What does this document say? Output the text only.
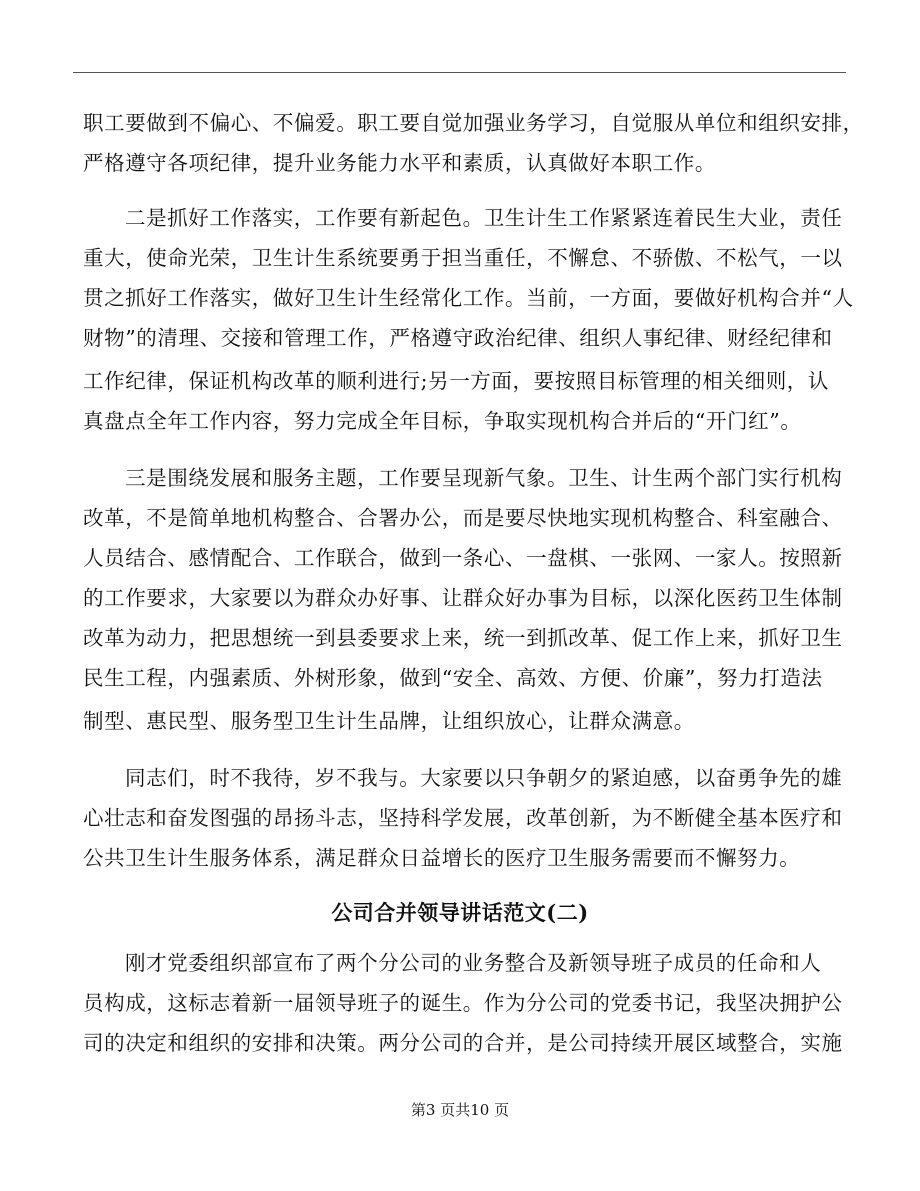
职工要做到不偏心、不偏爱。职工要自觉加强业务学习，自觉服从单位和组织安排，
严格遵守各项纪律，提升业务能力水平和素质，认真做好本职工作。
二是抓好工作落实，工作要有新起色。卫生计生工作紧紧连着民生大业，责任
重大，使命光荣，卫生计生系统要勇于担当重任，不懈怠、不骄傲、不松气，一以
贯之抓好工作落实，做好卫生计生经常化工作。当前，一方面，要做好机构合并“人
财物”的清理、交接和管理工作，严格遵守政治纪律、组织人事纪律、财经纪律和
工作纪律，保证机构改革的顺利进行;另一方面，要按照目标管理的相关细则，认
真盘点全年工作内容，努力完成全年目标，争取实现机构合并后的“开门红”。
三是围绕发展和服务主题，工作要呈现新气象。卫生、计生两个部门实行机构
改革，不是简单地机构整合、合署办公，而是要尽快地实现机构整合、科室融合、
人员结合、感情配合、工作联合，做到一条心、一盘棋、一张网、一家人。按照新
的工作要求，大家要以为群众办好事、让群众好办事为目标，以深化医药卫生体制
改革为动力，把思想统一到县委要求上来，统一到抓改革、促工作上来，抓好卫生
民生工程，内强素质、外树形象，做到“安全、高效、方便、价廉”，努力打造法
制型、惠民型、服务型卫生计生品牌，让组织放心，让群众满意。
同志们，时不我待，岁不我与。大家要以只争朝夕的紧迫感，以奋勇争先的雄
心壮志和奋发图强的昂扬斗志，坚持科学发展，改革创新，为不断健全基本医疗和
公共卫生计生服务体系，满足群众日益增长的医疗卫生服务需要而不懈努力。
公司合并领导讲话范文(二)
刚才党委组织部宣布了两个分公司的业务整合及新领导班子成员的任命和人
员构成，这标志着新一届领导班子的诞生。作为分公司的党委书记，我坚决拥护公
司的决定和组织的安排和决策。两分公司的合并，是公司持续开展区域整合，实施
第3 页共10 页
